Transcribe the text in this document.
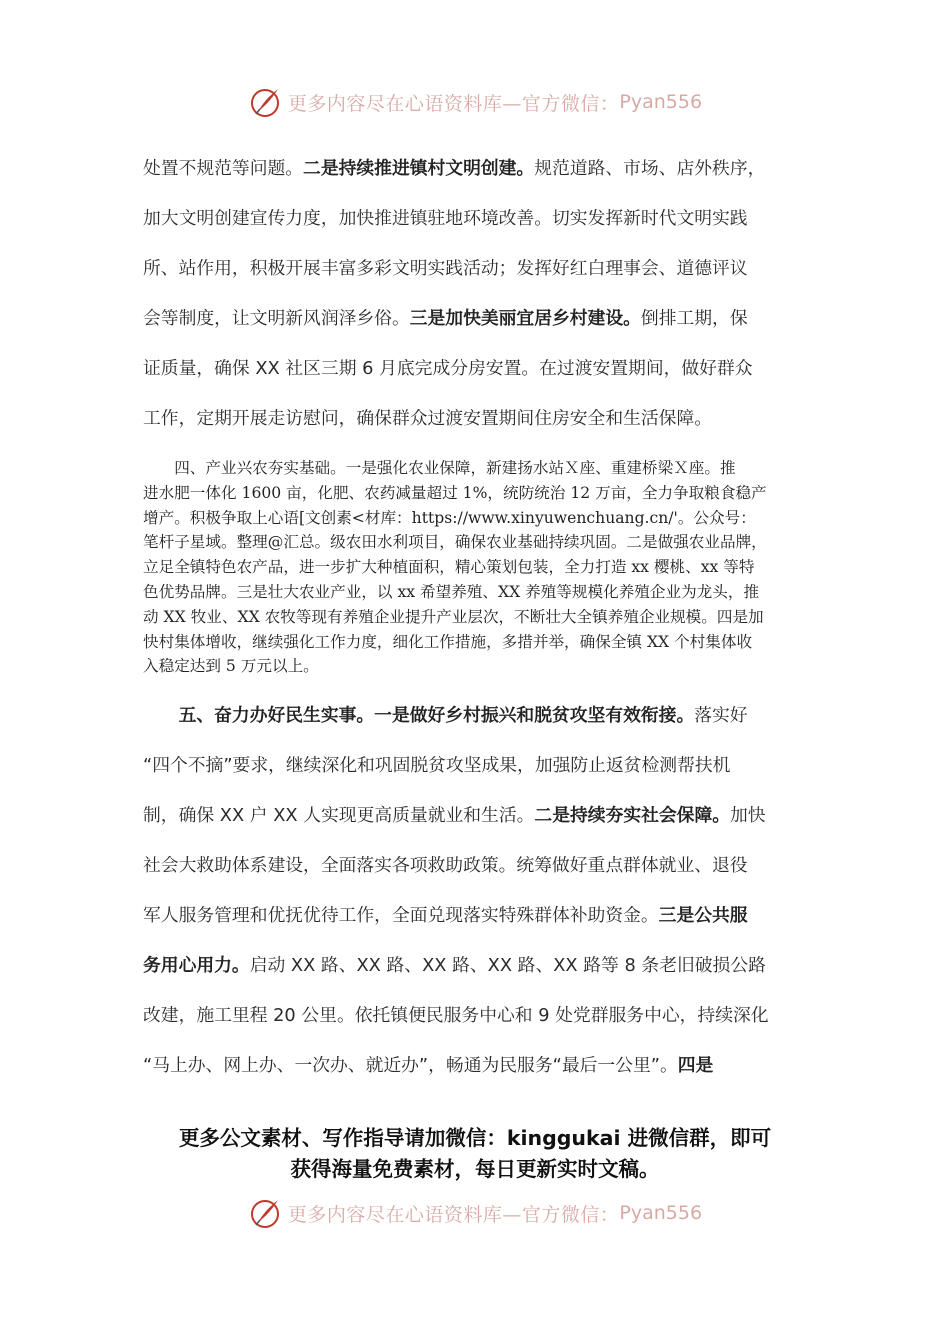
更多内容尽在心语资料库—官方微信： Pyan556
处置不规范等问题。二是持续推进镇村文明创建。规范道路、市场、店外秩序，
加大文明创建宣传力度，加快推进镇驻地环境改善。切实发挥新时代文明实践
所、站作用，积极开展丰富多彩文明实践活动；发挥好红白理事会、道德评议
会等制度，让文明新风润泽乡俗。三是加快美丽宜居乡村建设。倒排工期，保
证质量，确保 XX 社区三期 6 月底完成分房安置。在过渡安置期间，做好群众
工作，定期开展走访慰问，确保群众过渡安置期间住房安全和生活保障。
　　四、产业兴农夯实基础。一是强化农业保障，新建扬水站Ｘ座、重建桥梁Ｘ座。推
进水肥一体化 1600 亩，化肥、农药减量超过 1%，统防统治 12 万亩，全力争取粮食稳产
增产。积极争取上心语[文创素<材库：https://www.xinyuwenchuang.cn/'。公众号：
笔杆子星域。整理@汇总。级农田水利项目，确保农业基础持续巩固。二是做强农业品牌，
立足全镇特色农产品，进一步扩大种植面积，精心策划包装，全力打造 xx 樱桃、xx 等特
色优势品牌。三是壮大农业产业，以 xx 希望养殖、XX 养殖等规模化养殖企业为龙头，推
动 XX 牧业、XX 农牧等现有养殖企业提升产业层次，不断壮大全镇养殖企业规模。四是加
快村集体增收，继续强化工作力度，细化工作措施，多措并举，确保全镇 XX 个村集体收
入稳定达到 5 万元以上。
　　五、奋力办好民生实事。一是做好乡村振兴和脱贫攻坚有效衔接。落实好
“四个不摘”要求，继续深化和巩固脱贫攻坚成果，加强防止返贫检测帮扶机
制，确保 XX 户 XX 人实现更高质量就业和生活。二是持续夯实社会保障。加快
社会大救助体系建设，全面落实各项救助政策。统筹做好重点群体就业、退役
军人服务管理和优抚优待工作，全面兑现落实特殊群体补助资金。三是公共服
务用心用力。启动 XX 路、XX 路、XX 路、XX 路、XX 路等 8 条老旧破损公路
改建，施工里程 20 公里。依托镇便民服务中心和 9 处党群服务中心，持续深化
“马上办、网上办、一次办、就近办”，畅通为民服务“最后一公里”。四是
更多公文素材、写作指导请加微信：kinggukai 进微信群，即可
获得海量免费素材，每日更新实时文稿。
更多内容尽在心语资料库—官方微信： Pyan556
